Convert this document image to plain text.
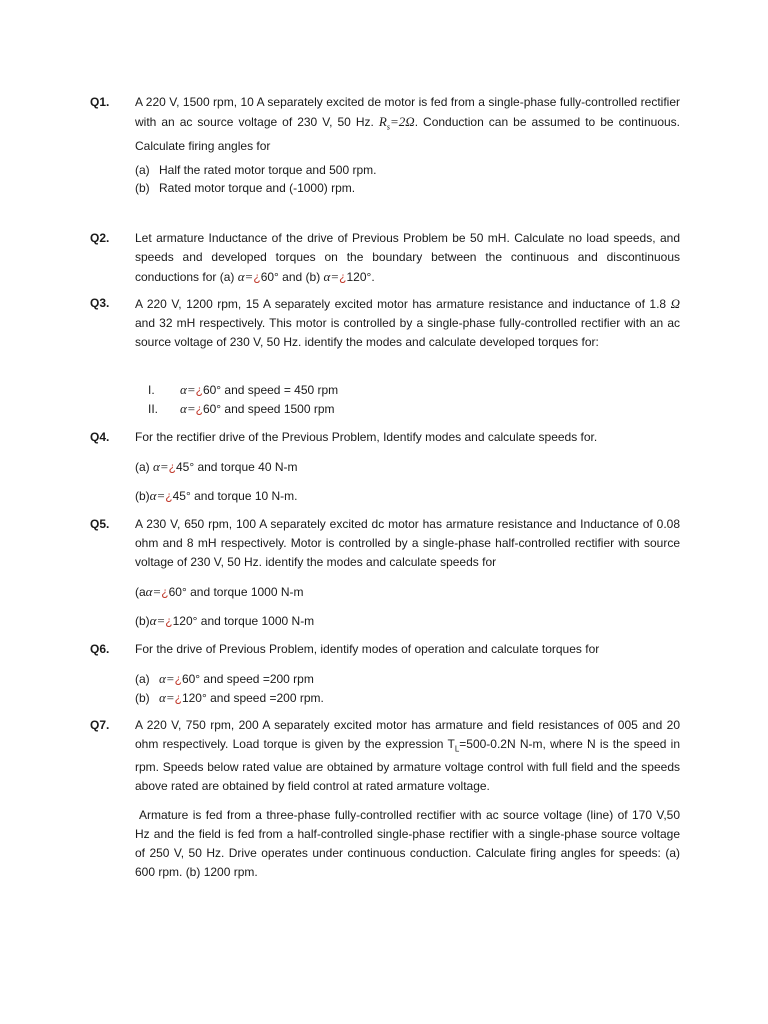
Q1. A 220 V, 1500 rpm, 10 A separately excited de motor is fed from a single-phase fully-controlled rectifier with an ac source voltage of 230 V, 50 Hz. $R_s=2\Omega$. Conduction can be assumed to be continuous. Calculate firing angles for
(a) Half the rated motor torque and 500 rpm.
(b) Rated motor torque and (-1000) rpm.
Q2. Let armature Inductance of the drive of Previous Problem be 50 mH. Calculate no load speeds, and speeds and developed torques on the boundary between the continuous and discontinuous conductions for (a) α=¿60° and (b) α=¿120°.
Q3. A 220 V, 1200 rpm, 15 A separately excited motor has armature resistance and inductance of 1.8 Ω and 32 mH respectively. This motor is controlled by a single-phase fully-controlled rectifier with an ac source voltage of 230 V, 50 Hz. identify the modes and calculate developed torques for:
I. α=¿60° and speed = 450 rpm
II. α=¿60° and speed 1500 rpm
Q4. For the rectifier drive of the Previous Problem, Identify modes and calculate speeds for.
(a) α=¿45° and torque 40 N-m
(b)α=¿45° and torque 10 N-m.
Q5. A 230 V, 650 rpm, 100 A separately excited dc motor has armature resistance and Inductance of 0.08 ohm and 8 mH respectively. Motor is controlled by a single-phase half-controlled rectifier with source voltage of 230 V, 50 Hz. identify the modes and calculate speeds for
(aα=¿60° and torque 1000 N-m
(b)α=¿120° and torque 1000 N-m
Q6. For the drive of Previous Problem, identify modes of operation and calculate torques for
(a) α=¿60° and speed =200 rpm
(b) α=¿120° and speed =200 rpm.
Q7. A 220 V, 750 rpm, 200 A separately excited motor has armature and field resistances of 005 and 20 ohm respectively. Load torque is given by the expression $T_L=500-0.2N$ N-m, where N is the speed in rpm. Speeds below rated value are obtained by armature voltage control with full field and the speeds above rated are obtained by field control at rated armature voltage.
Armature is fed from a three-phase fully-controlled rectifier with ac source voltage (line) of 170 V,50 Hz and the field is fed from a half-controlled single-phase rectifier with a single-phase source voltage of 250 V, 50 Hz. Drive operates under continuous conduction. Calculate firing angles for speeds: (a) 600 rpm. (b) 1200 rpm.
